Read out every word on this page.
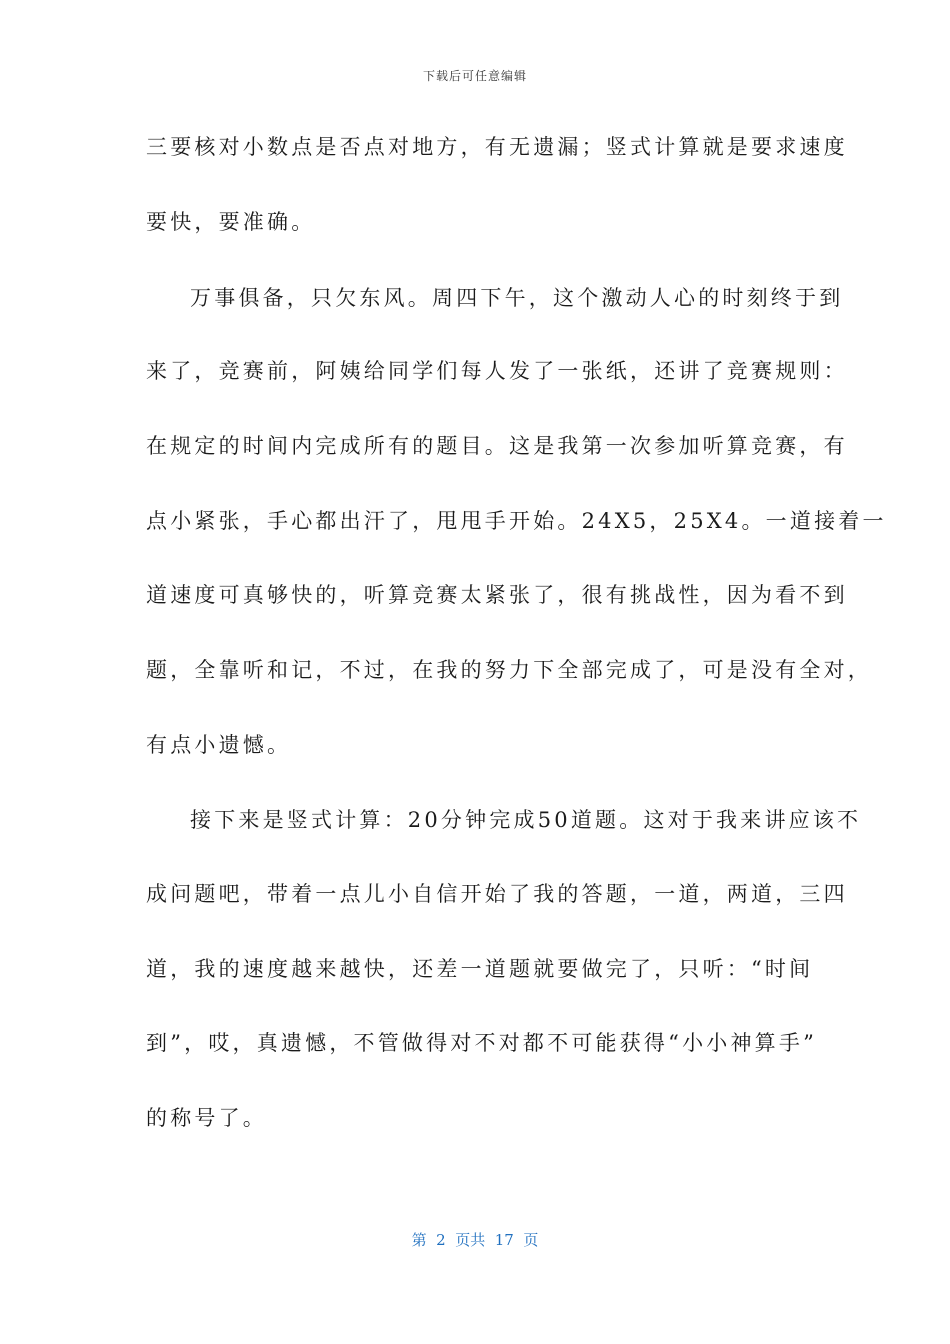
下载后可任意编辑
三要核对小数点是否点对地方，有无遗漏；竖式计算就是要求速度
要快，要准确。
万事俱备，只欠东风。周四下午，这个激动人心的时刻终于到
来了，竞赛前，阿姨给同学们每人发了一张纸，还讲了竞赛规则：
在规定的时间内完成所有的题目。这是我第一次参加听算竞赛，有
点小紧张，手心都出汗了，甩甩手开始。24X5，25X4。一道接着一
道速度可真够快的，听算竞赛太紧张了，很有挑战性，因为看不到
题，全靠听和记，不过，在我的努力下全部完成了，可是没有全对，
有点小遗憾。
接下来是竖式计算：20分钟完成50道题。这对于我来讲应该不
成问题吧，带着一点儿小自信开始了我的答题，一道，两道，三四
道，我的速度越来越快，还差一道题就要做完了，只听：“时间
到”，哎，真遗憾，不管做得对不对都不可能获得“小小神算手”
的称号了。
第  2  页共  17  页
